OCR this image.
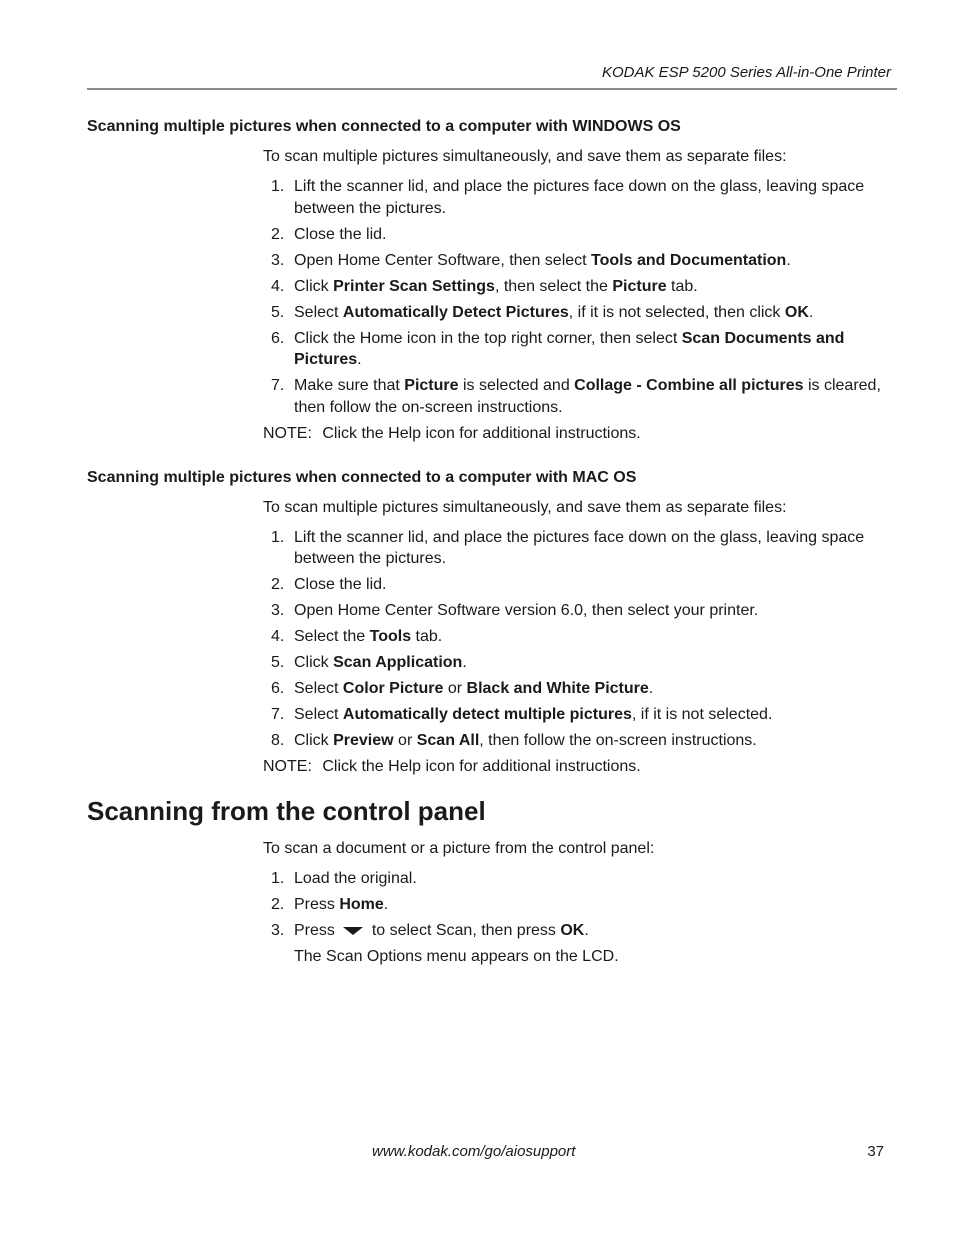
KODAK ESP 5200 Series All-in-One Printer
Scanning multiple pictures when connected to a computer with WINDOWS OS
To scan multiple pictures simultaneously, and save them as separate files:
1. Lift the scanner lid, and place the pictures face down on the glass, leaving space between the pictures.
2. Close the lid.
3. Open Home Center Software, then select Tools and Documentation.
4. Click Printer Scan Settings, then select the Picture tab.
5. Select Automatically Detect Pictures, if it is not selected, then click OK.
6. Click the Home icon in the top right corner, then select Scan Documents and Pictures.
7. Make sure that Picture is selected and Collage - Combine all pictures is cleared, then follow the on-screen instructions.
NOTE: Click the Help icon for additional instructions.
Scanning multiple pictures when connected to a computer with MAC OS
To scan multiple pictures simultaneously, and save them as separate files:
1. Lift the scanner lid, and place the pictures face down on the glass, leaving space between the pictures.
2. Close the lid.
3. Open Home Center Software version 6.0, then select your printer.
4. Select the Tools tab.
5. Click Scan Application.
6. Select Color Picture or Black and White Picture.
7. Select Automatically detect multiple pictures, if it is not selected.
8. Click Preview or Scan All, then follow the on-screen instructions.
NOTE: Click the Help icon for additional instructions.
Scanning from the control panel
To scan a document or a picture from the control panel:
1. Load the original.
2. Press Home.
3. Press to select Scan, then press OK.
The Scan Options menu appears on the LCD.
www.kodak.com/go/aiosupport	37
